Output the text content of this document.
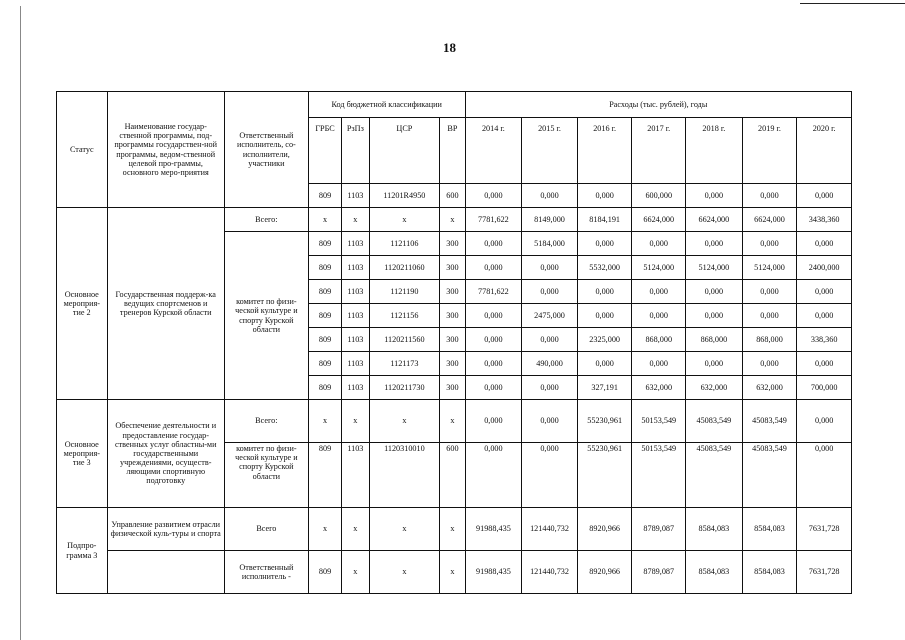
18
Статус	Наименование государ-ственной программы, под-программы государствен-ной программы, ведом-ственной целевой про-граммы, основного меро-приятия	Ответственный исполнитель, со-исполнители, участники	Код бюджетной классификации				Расходы (тыс. рублей), годы						
			ГРБС	РзПз	ЦСР	ВР	2014 г.	2015 г.	2016 г.	2017 г.	2018 г.	2019 г.	2020 г.
			809	1103	11201R4950	600	0,000	0,000	0,000	600,000	0,000	0,000	0,000
Основное мероприя-тие 2	Государственная поддерж-ка ведущих спортсменов и тренеров Курской области	Всего:	х	х	х	х	7781,622	8149,000	8184,191	6624,000	6624,000	6624,000	3438,360
		комитет по физи-ческой культуре и спорту Курской области	809	1103	1121106	300	0,000	5184,000	0,000	0,000	0,000	0,000	0,000
			809	1103	1120211060	300	0,000	0,000	5532,000	5124,000	5124,000	5124,000	2400,000
			809	1103	1121190	300	7781,622	0,000	0,000	0,000	0,000	0,000	0,000
			809	1103	1121156	300	0,000	2475,000	0,000	0,000	0,000	0,000	0,000
			809	1103	1120211560	300	0,000	0,000	2325,000	868,000	868,000	868,000	338,360
			809	1103	1121173	300	0,000	490,000	0,000	0,000	0,000	0,000	0,000
			809	1103	1120211730	300	0,000	0,000	327,191	632,000	632,000	632,000	700,000
Основное мероприя-тие 3	Обеспечение деятельности и предоставление государ-ственных услуг областны-ми государственными учреждениями, осуществ-ляющими спортивную подготовку	Всего:	х	х	х	х	0,000	0,000	55230,961	50153,549	45083,549	45083,549	0,000
		комитет по физи-ческой культуре и спорту Курской области	809	1103	1120310010	600	0,000	0,000	55230,961	50153,549	45083,549	45083,549	0,000
Подпро-грамма 3	Управление развитием отрасли физической куль-туры и спорта	Всего	х	х	х	х	91988,435	121440,732	8920,966	8789,087	8584,083	8584,083	7631,728
		Ответственный исполнитель -	809	х	х	х	91988,435	121440,732	8920,966	8789,087	8584,083	8584,083	7631,728
